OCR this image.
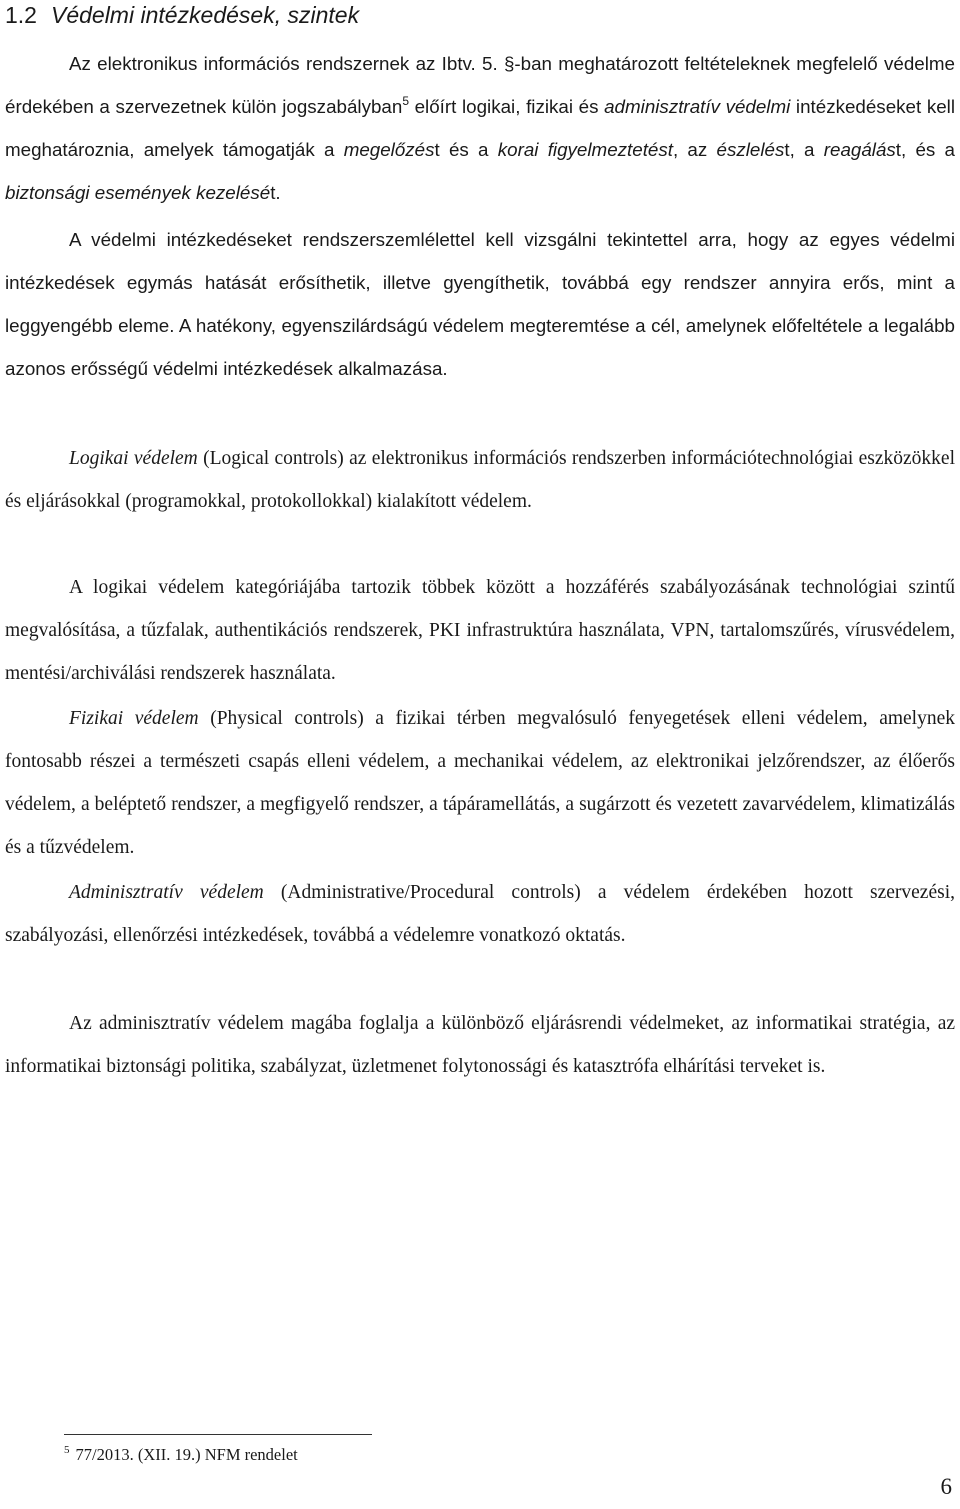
1.2 Védelmi intézkedések, szintek

Az elektronikus információs rendszernek az Ibtv. 5. §-ban meghatározott feltételeknek megfelelő védelme érdekében a szervezetnek külön jogszabályban$^5$ előírt logikai, fizikai és adminisztratív védelmi intézkedéseket kell meghatároznia, amelyek támogatják a megelőzést és a korai figyelmeztetést, az észlelést, a reagálást, és a biztonsági események kezelését.

A védelmi intézkedéseket rendszerszemlélettel kell vizsgálni tekintettel arra, hogy az egyes védelmi intézkedések egymás hatását erősíthetik, illetve gyengíthetik, továbbá egy rendszer annyira erős, mint a leggyengébb eleme. A hatékony, egyenszilárdságú védelem megteremtése a cél, amelynek előfeltétele a legalább azonos erősségű védelmi intézkedések alkalmazása.

Logikai védelem (Logical controls) az elektronikus információs rendszerben információtechnológiai eszközökkel és eljárásokkal (programokkal, protokollokkal) kialakított védelem.

A logikai védelem kategóriájába tartozik többek között a hozzáférés szabályozásának technológiai szintű megvalósítása, a tűzfalak, authentikációs rendszerek, PKI infrastruktúra használata, VPN, tartalomszűrés, vírusvédelem, mentési/archiválási rendszerek használata.

Fizikai védelem (Physical controls) a fizikai térben megvalósuló fenyegetések elleni védelem, amelynek fontosabb részei a természeti csapás elleni védelem, a mechanikai védelem, az elektronikai jelzőrendszer, az élőerős védelem, a beléptető rendszer, a megfigyelő rendszer, a tápáramellátás, a sugárzott és vezetett zavarvédelem, klimatizálás és a tűzvédelem.

Adminisztratív védelem (Administrative/Procedural controls) a védelem érdekében hozott szervezési, szabályozási, ellenőrzési intézkedések, továbbá a védelemre vonatkozó oktatás.

Az adminisztratív védelem magába foglalja a különböző eljárásrendi védelmeket, az informatikai stratégia, az informatikai biztonsági politika, szabályzat, üzletmenet folytonossági és katasztrófa elhárítási terveket is.

$^5$ 77/2013. (XII. 19.) NFM rendelet
6
